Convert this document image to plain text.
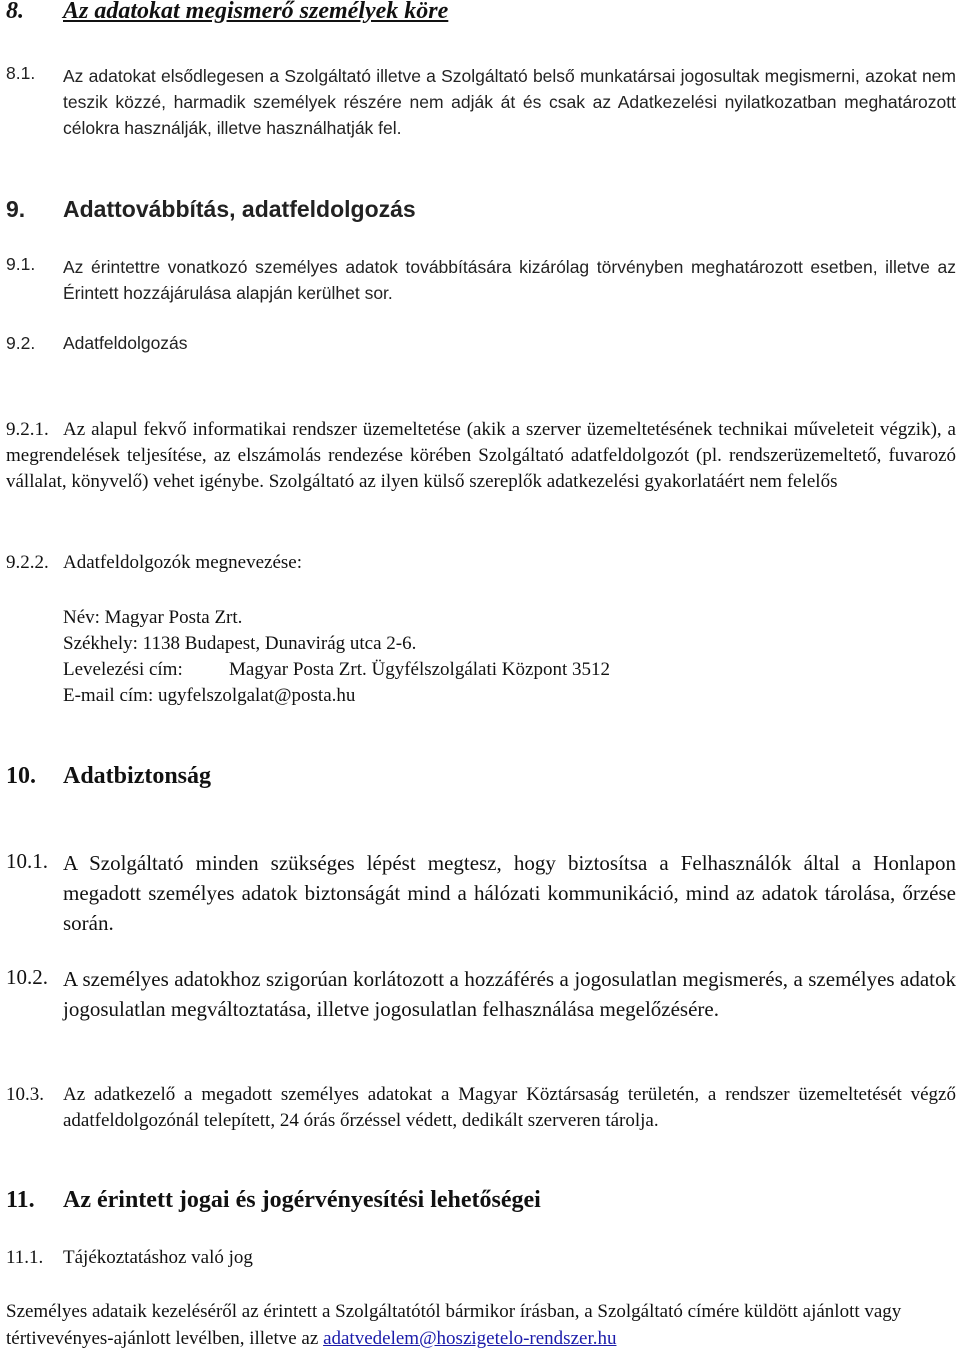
8. Az adatokat megismerő személyek köre
8.1. Az adatokat elsődlegesen a Szolgáltató illetve a Szolgáltató belső munkatársai jogosultak megismerni, azokat nem teszik közzé, harmadik személyek részére nem adják át és csak az Adatkezelési nyilatkozatban meghatározott célokra használják, illetve használhatják fel.
9. Adattovábbítás, adatfeldolgozás
9.1. Az érintettre vonatkozó személyes adatok továbbítására kizárólag törvényben meghatározott esetben, illetve az Érintett hozzájárulása alapján kerülhet sor.
9.2. Adatfeldolgozás
9.2.1. Az alapul fekvő informatikai rendszer üzemeltetése (akik a szerver üzemeltetésének technikai műveleteit végzik), a megrendelések teljesítése, az elszámolás rendezése körében Szolgáltató adatfeldolgozót (pl. rendszerüzemeltető, fuvarozó vállalat, könyvelő) vehet igénybe. Szolgáltató az ilyen külső szereplők adatkezelési gyakorlatáért nem felelős
9.2.2. Adatfeldolgozók megnevezése:
Név: Magyar Posta Zrt.
Székhely: 1138 Budapest, Dunavirág utca 2-6.
Levelezési cím: Magyar Posta Zrt. Ügyfélszolgálati Központ 3512
E-mail cím: ugyfelszolgalat@posta.hu
10. Adatbiztonság
10.1. A Szolgáltató minden szükséges lépést megtesz, hogy biztosítsa a Felhasználók által a Honlapon megadott személyes adatok biztonságát mind a hálózati kommunikáció, mind az adatok tárolása, őrzése során.
10.2. A személyes adatokhoz szigorúan korlátozott a hozzáférés a jogosulatlan megismerés, a személyes adatok jogosulatlan megváltoztatása, illetve jogosulatlan felhasználása megelőzésére.
10.3. Az adatkezelő a megadott személyes adatokat a Magyar Köztársaság területén, a rendszer üzemeltetését végző adatfeldolgozónál telepített, 24 órás őrzéssel védett, dedikált szerveren tárolja.
11. Az érintett jogai és jogérvényesítési lehetőségei
11.1. Tájékoztatáshoz való jog
Személyes adataik kezeléséről az érintett a Szolgáltatótól bármikor írásban, a Szolgáltató címére küldött ajánlott vagy tértivevényes-ajánlott levélben, illetve az adatvedelem@hoszigetelo-rendszer.hu
